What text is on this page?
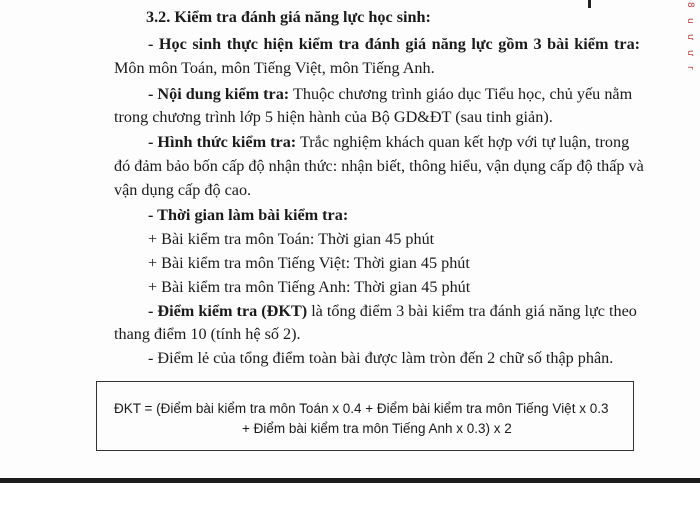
8
u
ư
ư
r
3.2. Kiểm tra đánh giá năng lực học sinh:
- Học sinh thực hiện kiểm tra đánh giá năng lực gồm 3 bài kiểm tra:
Môn môn Toán, môn Tiếng Việt, môn Tiếng Anh.
- Nội dung kiểm tra: Thuộc chương trình giáo dục Tiểu học, chủ yếu nằm
trong chương trình lớp 5 hiện hành của Bộ GD&ĐT (sau tinh giản).
- Hình thức kiểm tra: Trắc nghiệm khách quan kết hợp với tự luận, trong
đó đảm bảo bốn cấp độ nhận thức: nhận biết, thông hiểu, vận dụng cấp độ thấp và
vận dụng cấp độ cao.
- Thời gian làm bài kiểm tra:
+ Bài kiểm tra môn Toán: Thời gian 45 phút
+ Bài kiểm tra môn Tiếng Việt: Thời gian 45 phút
+ Bài kiểm tra môn Tiếng Anh: Thời gian 45 phút
- Điểm kiểm tra (ĐKT) là tổng điểm 3 bài kiểm tra đánh giá năng lực theo
thang điểm 10 (tính hệ số 2).
- Điểm lẻ của tổng điểm toàn bài được làm tròn đến 2 chữ số thập phân.
ĐKT = (Điểm bài kiểm tra môn Toán x 0.4 + Điểm bài kiểm tra môn Tiếng Việt x 0.3
+ Điểm bài kiểm tra môn Tiếng Anh x 0.3) x 2
